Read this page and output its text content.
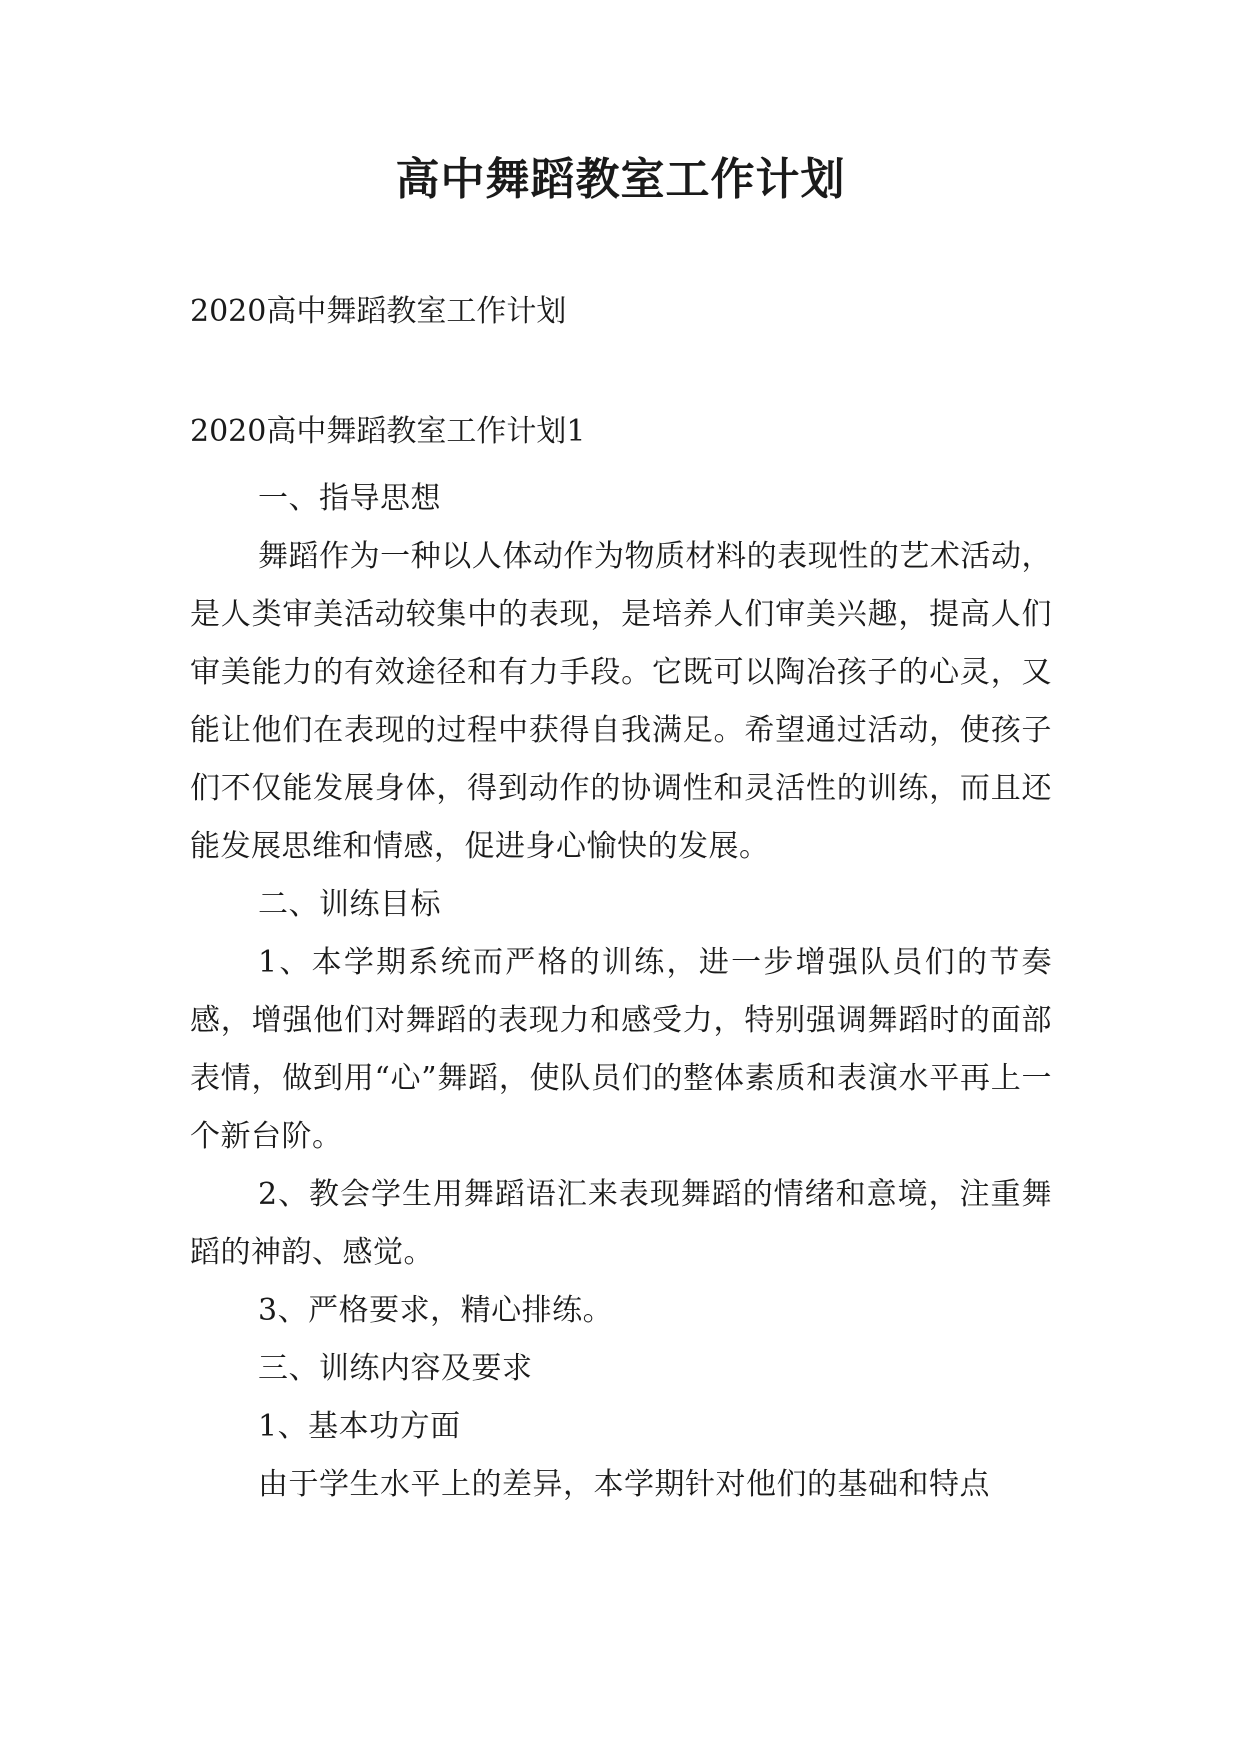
高中舞蹈教室工作计划

2020高中舞蹈教室工作计划

2020高中舞蹈教室工作计划1

一、指导思想

舞蹈作为一种以人体动作为物质材料的表现性的艺术活动，是人类审美活动较集中的表现，是培养人们审美兴趣，提高人们审美能力的有效途径和有力手段。它既可以陶冶孩子的心灵，又能让他们在表现的过程中获得自我满足。希望通过活动，使孩子们不仅能发展身体，得到动作的协调性和灵活性的训练，而且还能发展思维和情感，促进身心愉快的发展。

二、训练目标

1、本学期系统而严格的训练，进一步增强队员们的节奏感，增强他们对舞蹈的表现力和感受力，特别强调舞蹈时的面部表情，做到用“心”舞蹈，使队员们的整体素质和表演水平再上一个新台阶。

2、教会学生用舞蹈语汇来表现舞蹈的情绪和意境，注重舞蹈的神韵、感觉。

3、严格要求，精心排练。

三、训练内容及要求

1、基本功方面

由于学生水平上的差异，本学期针对他们的基础和特点
